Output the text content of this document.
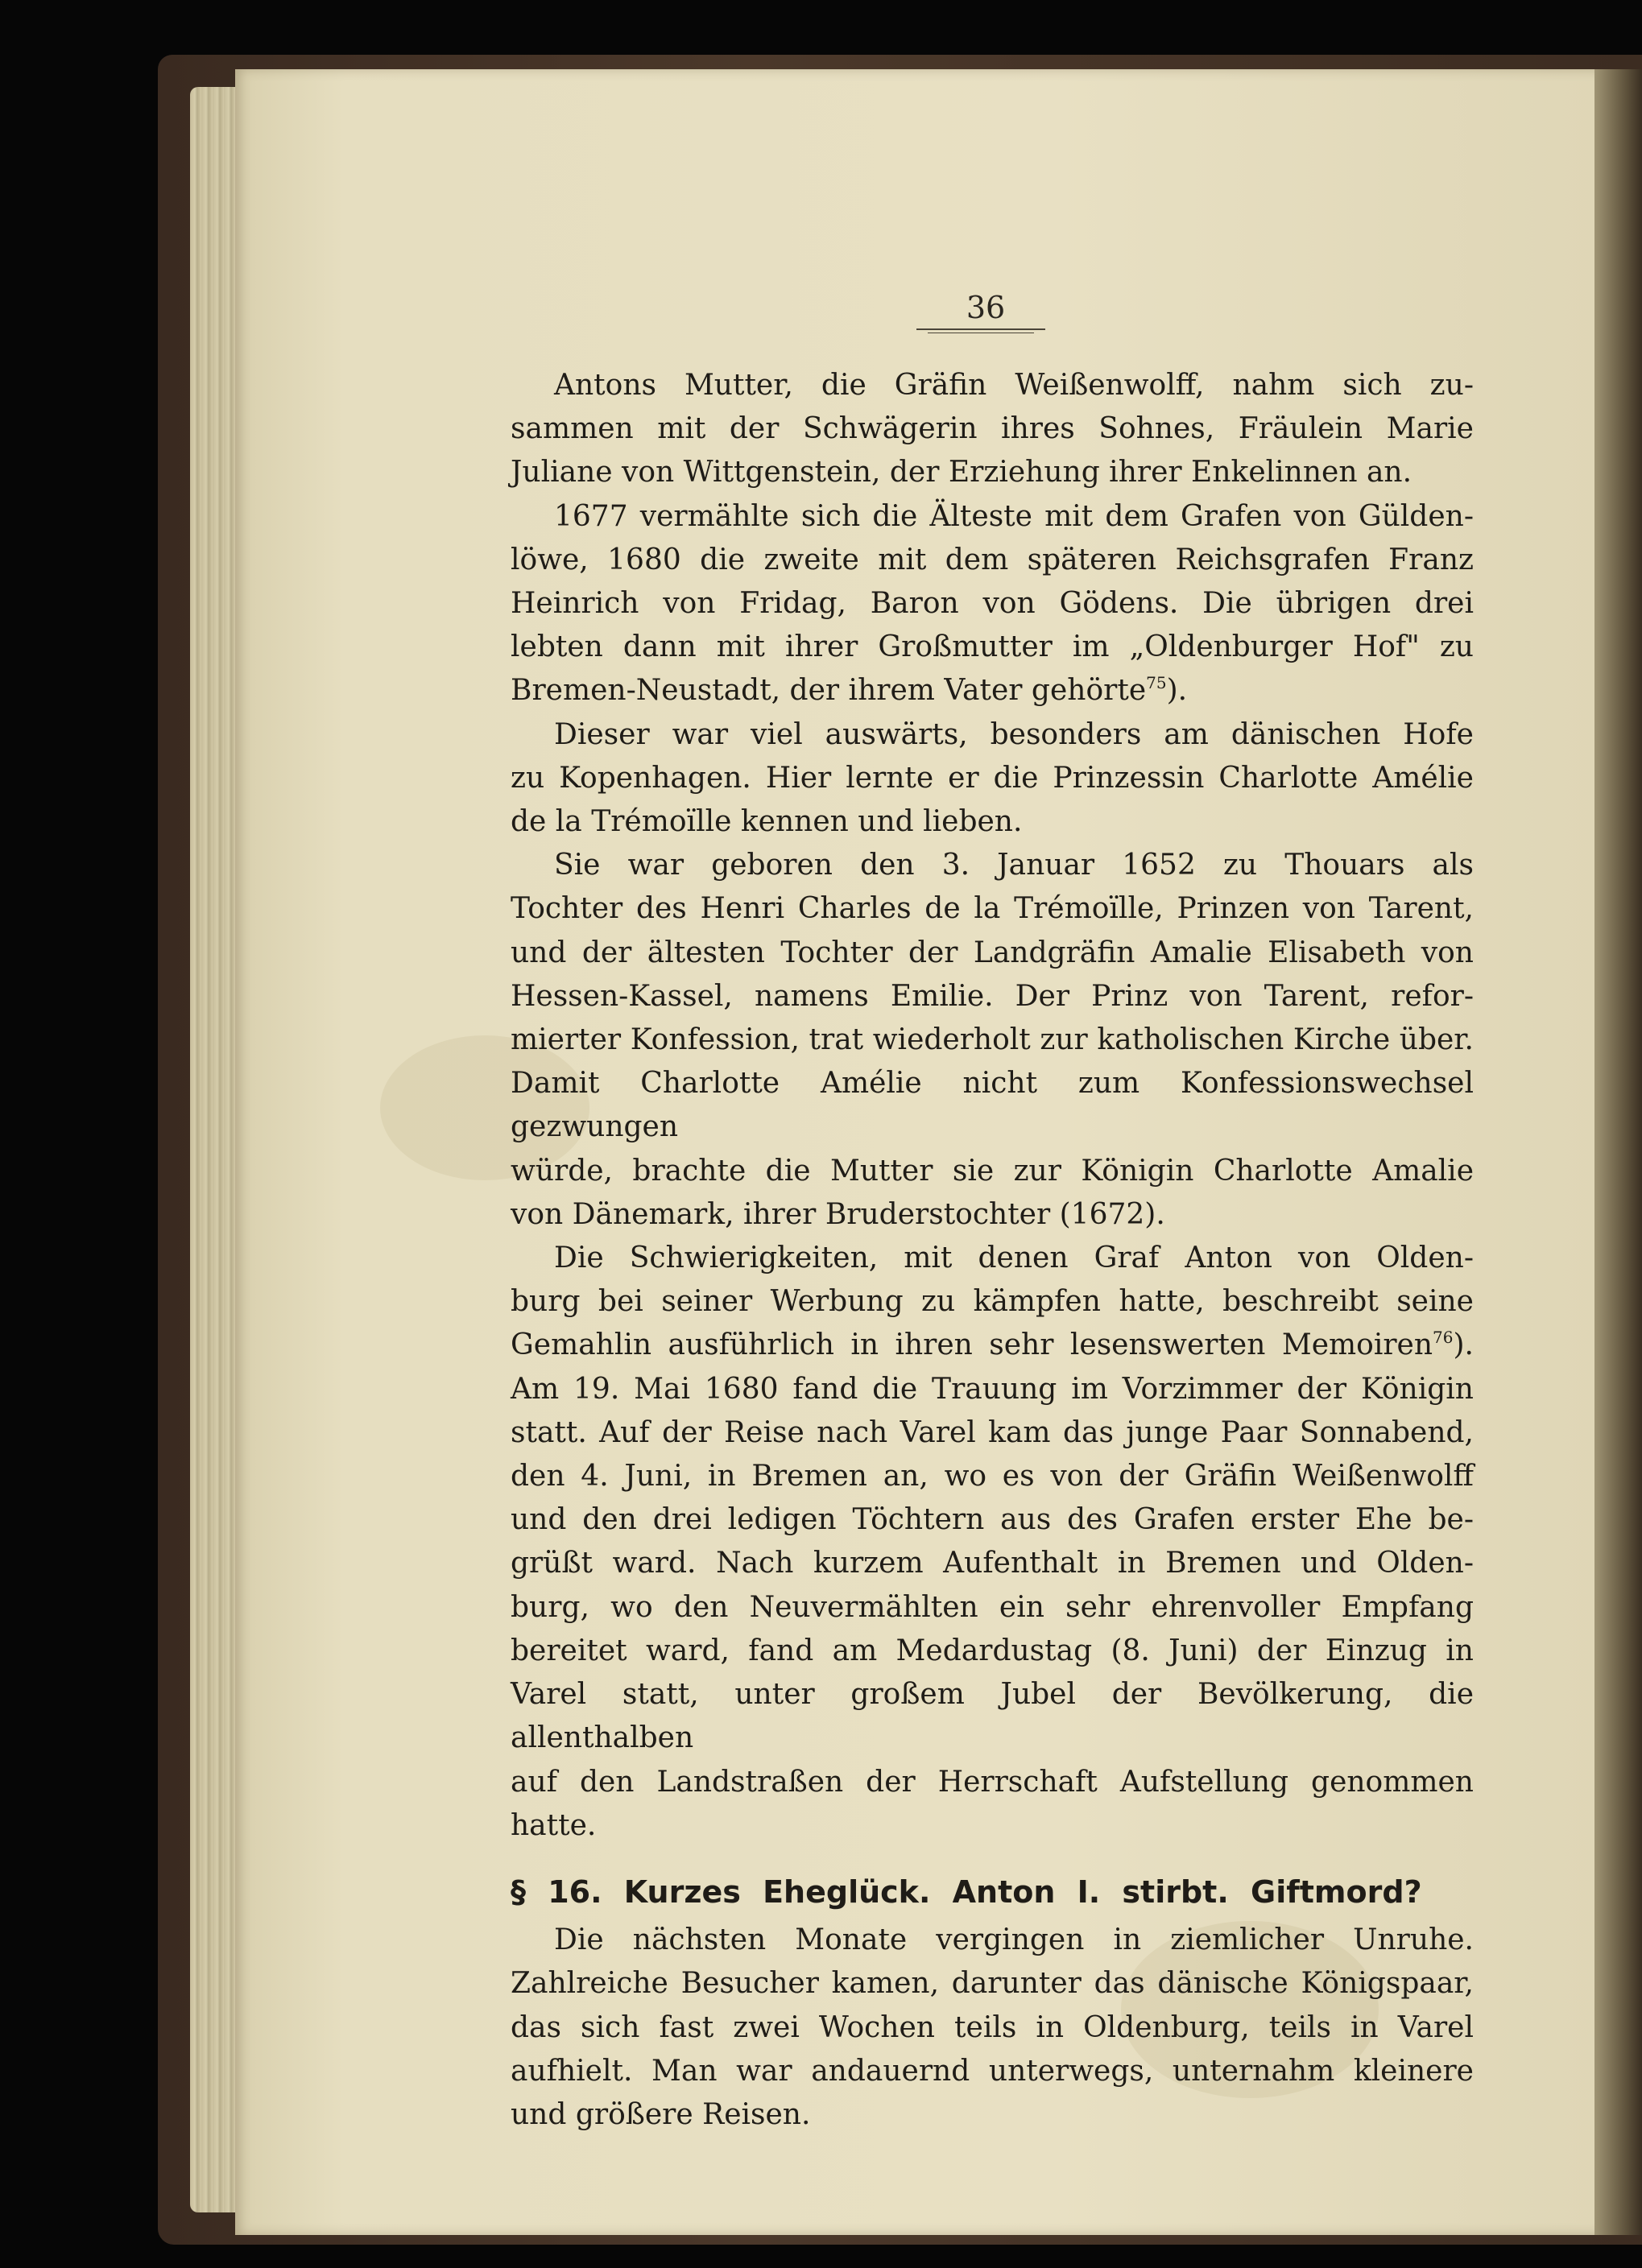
36

Antons Mutter, die Gräfin Weißenwolff, nahm sich zu-

sammen mit der Schwägerin ihres Sohnes, Fräulein Marie

Juliane von Wittgenstein, der Erziehung ihrer Enkelinnen an.

1677 vermählte sich die Älteste mit dem Grafen von Gülden-

löwe, 1680 die zweite mit dem späteren Reichsgrafen Franz

Heinrich von Fridag, Baron von Gödens. Die übrigen drei

lebten dann mit ihrer Großmutter im „Oldenburger Hof" zu

Bremen-Neustadt, der ihrem Vater gehörte$^{75}$).

Dieser war viel auswärts, besonders am dänischen Hofe

zu Kopenhagen. Hier lernte er die Prinzessin Charlotte Amélie

de la Trémoïlle kennen und lieben.

Sie war geboren den 3. Januar 1652 zu Thouars als

Tochter des Henri Charles de la Trémoïlle, Prinzen von Tarent,

und der ältesten Tochter der Landgräfin Amalie Elisabeth von

Hessen-Kassel, namens Emilie. Der Prinz von Tarent, refor-

mierter Konfession, trat wiederholt zur katholischen Kirche über.

Damit Charlotte Amélie nicht zum Konfessionswechsel gezwungen

würde, brachte die Mutter sie zur Königin Charlotte Amalie

von Dänemark, ihrer Bruderstochter (1672).

Die Schwierigkeiten, mit denen Graf Anton von Olden-

burg bei seiner Werbung zu kämpfen hatte, beschreibt seine

Gemahlin ausführlich in ihren sehr lesenswerten Memoiren$^{76}$).

Am 19. Mai 1680 fand die Trauung im Vorzimmer der Königin

statt. Auf der Reise nach Varel kam das junge Paar Sonnabend,

den 4. Juni, in Bremen an, wo es von der Gräfin Weißenwolff

und den drei ledigen Töchtern aus des Grafen erster Ehe be-

grüßt ward. Nach kurzem Aufenthalt in Bremen und Olden-

burg, wo den Neuvermählten ein sehr ehrenvoller Empfang

bereitet ward, fand am Medardustag (8. Juni) der Einzug in

Varel statt, unter großem Jubel der Bevölkerung, die allenthalben

auf den Landstraßen der Herrschaft Aufstellung genommen hatte.

§ 16. Kurzes Eheglück. Anton I. stirbt. Giftmord?

Die nächsten Monate vergingen in ziemlicher Unruhe.

Zahlreiche Besucher kamen, darunter das dänische Königspaar,

das sich fast zwei Wochen teils in Oldenburg, teils in Varel

aufhielt. Man war andauernd unterwegs, unternahm kleinere

und größere Reisen.
